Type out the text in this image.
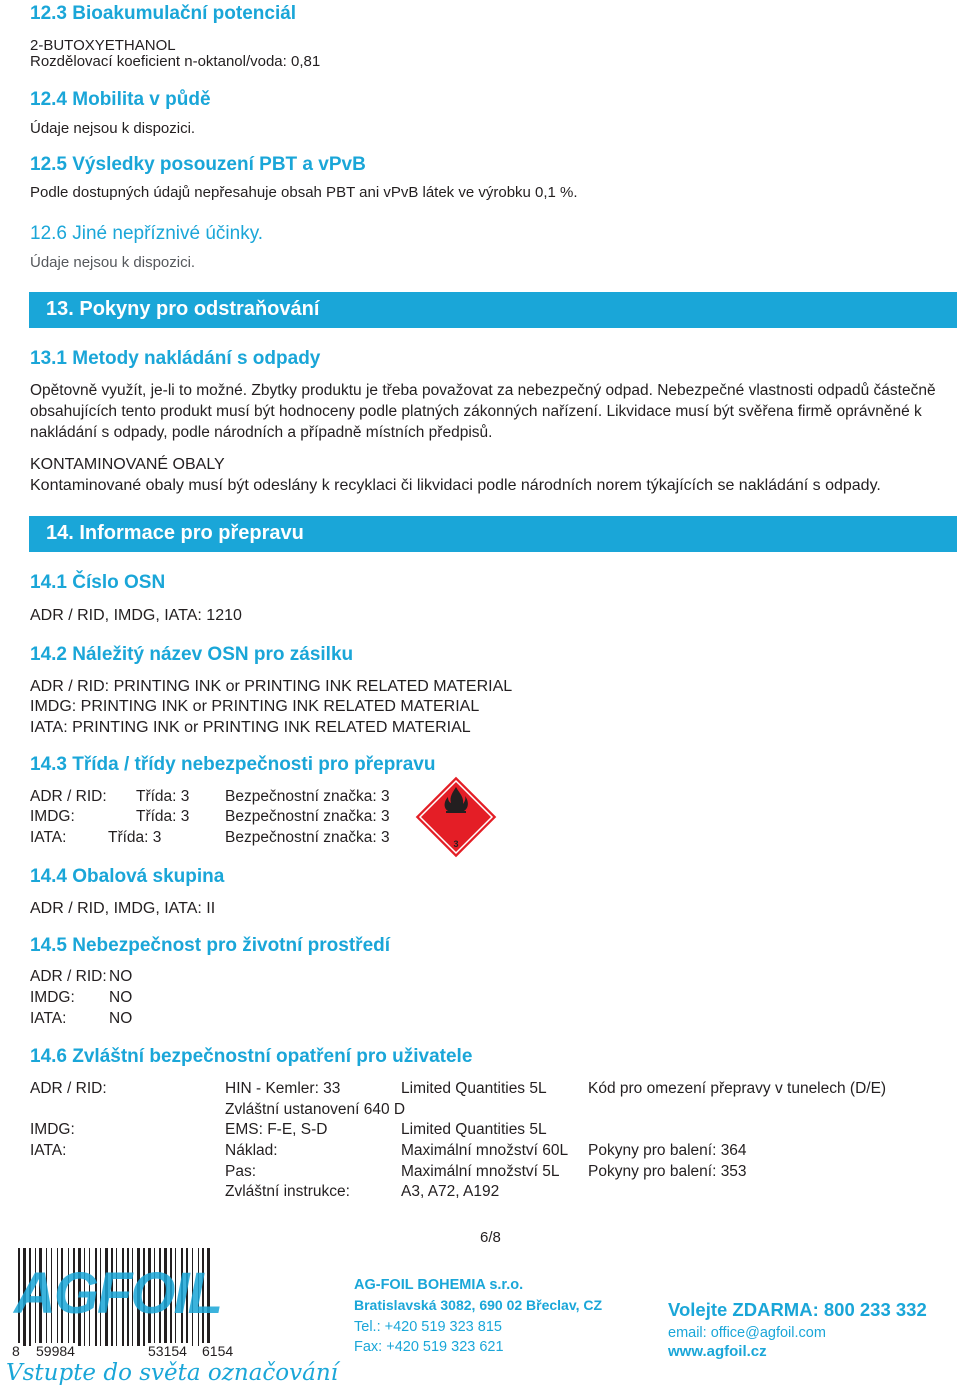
12.3 Bioakumulační potenciál
2-BUTOXYETHANOL
Rozdělovací koeficient n-oktanol/voda: 0,81
12.4 Mobilita v půdě
Údaje nejsou k dispozici.
12.5 Výsledky posouzení PBT a vPvB
Podle dostupných údajů nepřesahuje obsah PBT ani vPvB látek ve výrobku 0,1 %.
12.6 Jiné nepříznivé účinky.
Údaje nejsou k dispozici.
13. Pokyny pro odstraňování
13.1 Metody nakládání s odpady
Opětovně využít, je-li to možné. Zbytky produktu je třeba považovat za nebezpečný odpad. Nebezpečné vlastnosti odpadů částečně obsahujících tento produkt musí být hodnoceny podle platných zákonných nařízení. Likvidace musí být svěřena firmě oprávněné k nakládání s odpady, podle národních a případně místních předpisů.
KONTAMINOVANÉ OBALY
Kontaminované obaly musí být odeslány k recyklaci či likvidaci podle národních norem týkajících se nakládání s odpady.
14. Informace pro přepravu
14.1 Číslo OSN
ADR / RID, IMDG, IATA: 1210
14.2 Náležitý název OSN pro zásilku
ADR / RID: PRINTING INK or PRINTING INK RELATED MATERIAL
IMDG: PRINTING INK or PRINTING INK RELATED MATERIAL
IATA: PRINTING INK or PRINTING INK RELATED MATERIAL
14.3 Třída / třídy nebezpečnosti pro přepravu
ADR / RID: Třída: 3 Bezpečnostní značka: 3
IMDG:	Třída: 3 Bezpečnostní značka: 3
IATA:	Třída: 3	Bezpečnostní značka: 3	3
14.4 Obalová skupina
ADR / RID, IMDG, IATA: II
14.5 Nebezpečnost pro životní prostředí
ADR / RID: NO
IMDG: NO
IATA:	NO
14.6 Zvláštní bezpečnostní opatření pro uživatele
ADR / RID:	HIN - Kemler: 33	Limited Quantities 5L	Kód pro omezení přepravy v tunelech (D/E)
Zvláštní ustanovení 640 D
IMDG:	EMS: F-E, S-D	Limited Quantities 5L
IATA:	Náklad:	Maximální množství 60L Pokyny pro balení: 364
Pas:	Maximální množství 5L Pokyny pro balení: 353
Zvláštní instrukce:	A3, A72, A192
6/8
AGFOIL
8 59984	53154 6154
Vstupte do světa označování
AG-FOIL BOHEMIA s.r.o.
Bratislavská 3082, 690 02 Břeclav, CZ
Tel.: +420 519 323 815
Fax: +420 519 323 621
Volejte ZDARMA: 800 233 332
email: office@agfoil.com
www.agfoil.cz
